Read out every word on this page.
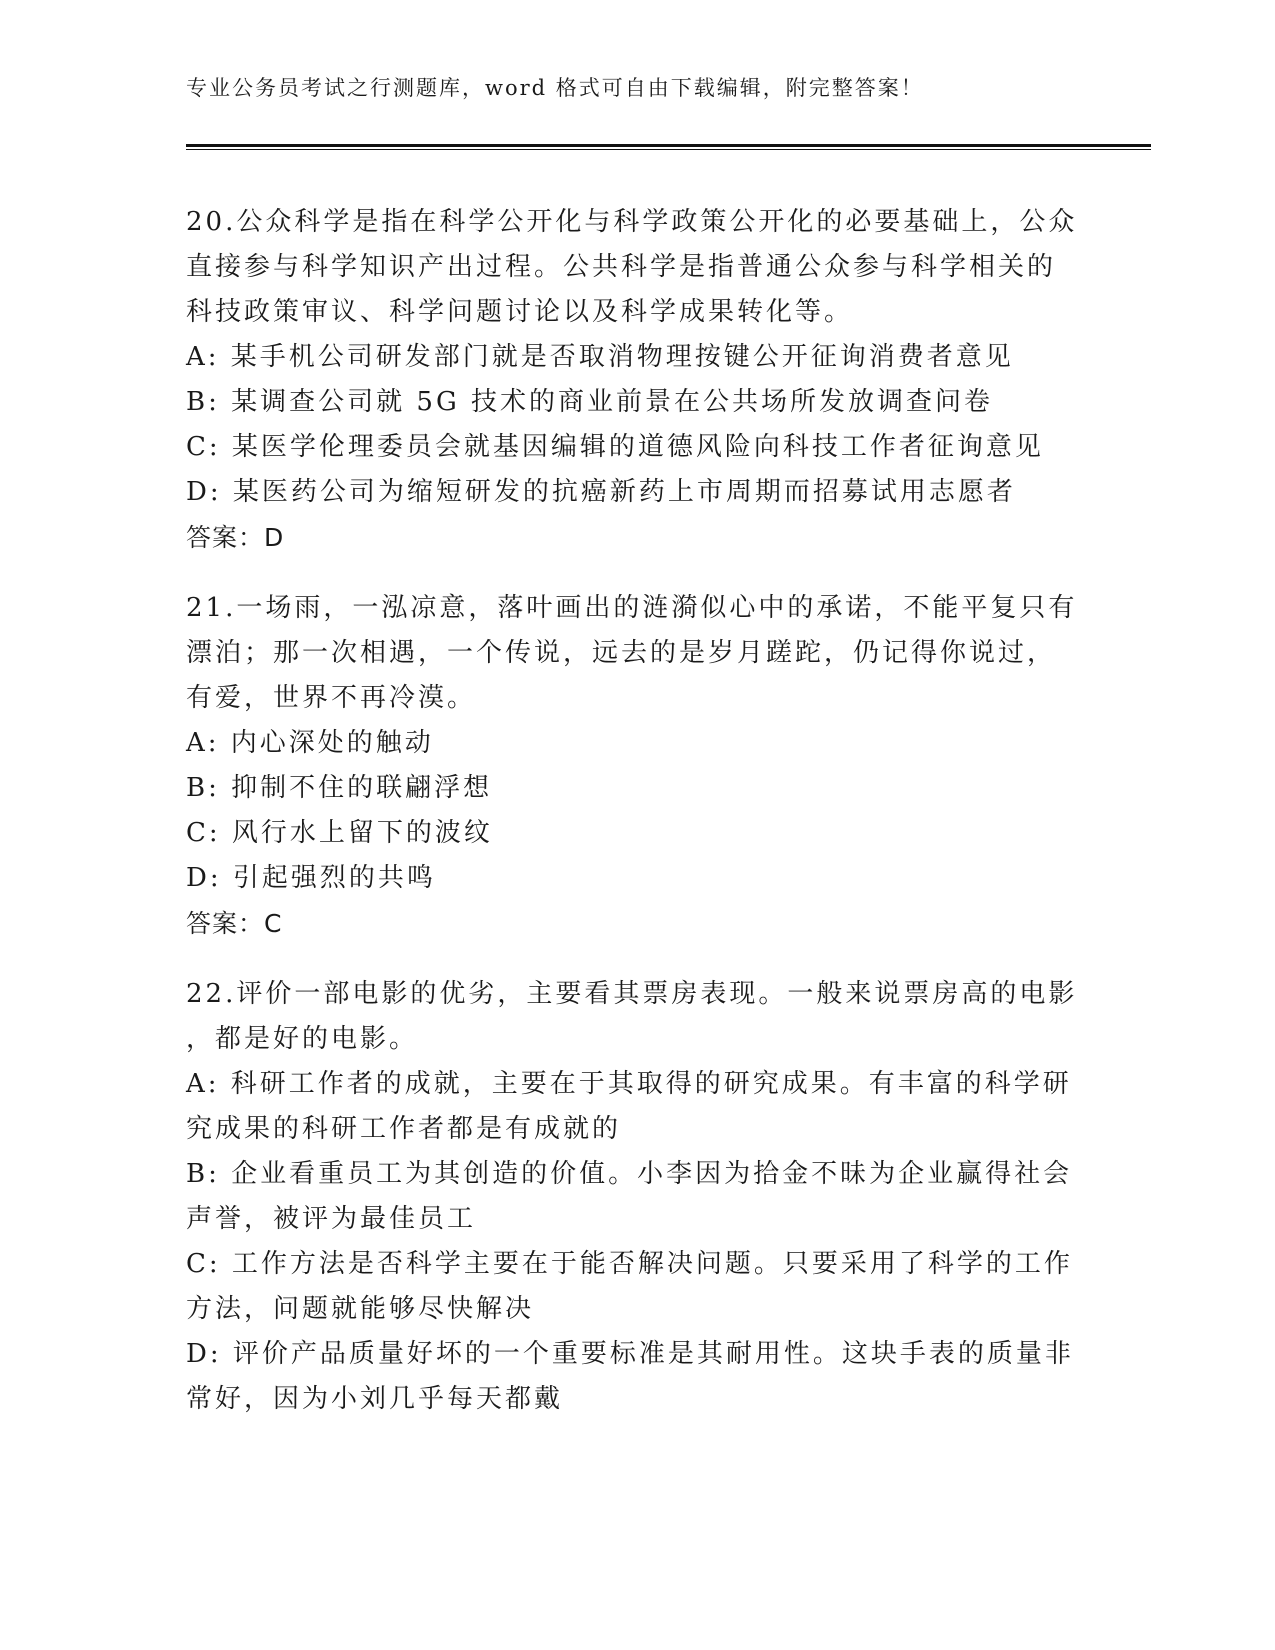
专业公务员考试之行测题库，word 格式可自由下载编辑，附完整答案！
20.公众科学是指在科学公开化与科学政策公开化的必要基础上，公众
直接参与科学知识产出过程。公共科学是指普通公众参与科学相关的
科技政策审议、科学问题讨论以及科学成果转化等。
A: 某手机公司研发部门就是否取消物理按键公开征询消费者意见
B: 某调查公司就 5G 技术的商业前景在公共场所发放调查问卷
C: 某医学伦理委员会就基因编辑的道德风险向科技工作者征询意见
D: 某医药公司为缩短研发的抗癌新药上市周期而招募试用志愿者
答案：D
21.一场雨，一泓凉意，落叶画出的涟漪似心中的承诺，不能平复只有
漂泊；那一次相遇，一个传说，远去的是岁月蹉跎，仍记得你说过，
有爱，世界不再冷漠。
A: 内心深处的触动
B: 抑制不住的联翩浮想
C: 风行水上留下的波纹
D: 引起强烈的共鸣
答案：C
22.评价一部电影的优劣，主要看其票房表现。一般来说票房高的电影
，都是好的电影。
A: 科研工作者的成就，主要在于其取得的研究成果。有丰富的科学研
究成果的科研工作者都是有成就的
B: 企业看重员工为其创造的价值。小李因为拾金不昧为企业赢得社会
声誉，被评为最佳员工
C: 工作方法是否科学主要在于能否解决问题。只要采用了科学的工作
方法，问题就能够尽快解决
D: 评价产品质量好坏的一个重要标准是其耐用性。这块手表的质量非
常好，因为小刘几乎每天都戴
